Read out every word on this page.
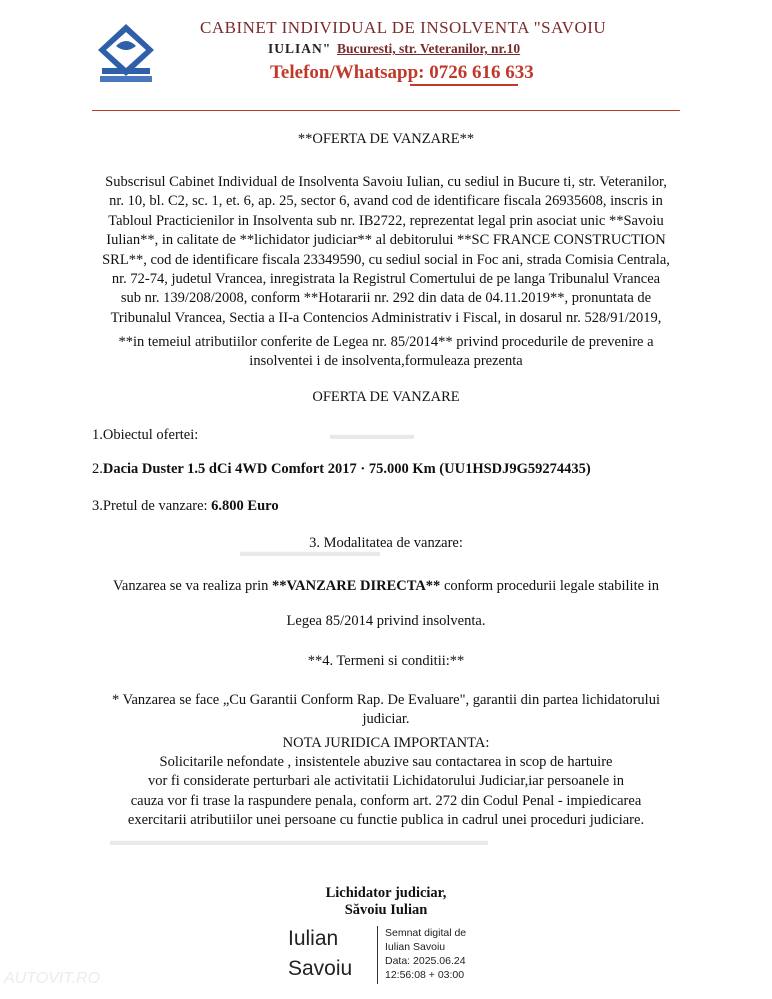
CABINET INDIVIDUAL DE INSOLVENTA "SAVOIU
IULIAN" Bucuresti, str. Veteranilor, nr.10
Telefon/Whatsapp: 0726 616 633
▬▬▬▬▬▬
▬▬▬▬▬▬▬▬▬▬
**OFERTA DE VANZARE**
Subscrisul Cabinet Individual de Insolventa Savoiu Iulian, cu sediul in Bucure ti, str. Veteranilor,
nr. 10, bl. C2, sc. 1, et. 6, ap. 25, sector 6, avand cod de identificare fiscala 26935608, inscris in
Tabloul Practicienilor in Insolventa sub nr. IB2722, reprezentat legal prin asociat unic **Savoiu
Iulian**, in calitate de **lichidator judiciar** al debitorului **SC FRANCE CONSTRUCTION
SRL**, cod de identificare fiscala 23349590, cu sediul social in Foc ani, strada Comisia Centrala,
nr. 72-74, judetul Vrancea, inregistrata la Registrul Comertului de pe langa Tribunalul Vrancea
sub nr. 139/208/2008, conform **Hotararii nr. 292 din data de 04.11.2019**, pronuntata de
Tribunalul Vrancea, Sectia a II-a Contencios Administrativ i Fiscal, in dosarul nr. 528/91/2019,
**in temeiul atributiilor conferite de Legea nr. 85/2014** privind procedurile de prevenire a
insolventei i de insolventa,formuleaza prezenta
OFERTA DE VANZARE
1.Obiectul ofertei:
2.Dacia Duster 1.5 dCi 4WD Comfort 2017 · 75.000 Km (UU1HSDJ9G59274435)
3.Pretul de vanzare: 6.800 Euro
3. Modalitatea de vanzare:
Vanzarea se va realiza prin **VANZARE DIRECTA** conform procedurii legale stabilite in
Legea 85/2014 privind insolventa.
**4. Termeni si conditii:**
* Vanzarea se face „Cu Garantii Conform Rap. De Evaluare", garantii din partea lichidatorului
judiciar.
NOTA JURIDICA IMPORTANTA:
Solicitarile nefondate , insistentele abuzive sau contactarea in scop de hartuire
vor fi considerate perturbari ale activitatii Lichidatorului Judiciar,iar persoanele in
cauza vor fi trase la raspundere penala, conform art. 272 din Codul Penal - impiedicarea
exercitarii atributiilor unei persoane cu functie publica in cadrul unei proceduri judiciare.
▬▬▬▬▬▬▬▬▬▬▬▬▬▬▬▬▬▬▬▬▬▬▬▬▬▬▬
Lichidator judiciar,
Săvoiu Iulian
Iulian
Savoiu
Semnat digital de
Iulian Savoiu
Data: 2025.06.24
12:56:08 + 03:00
AUTOVIT.RO
